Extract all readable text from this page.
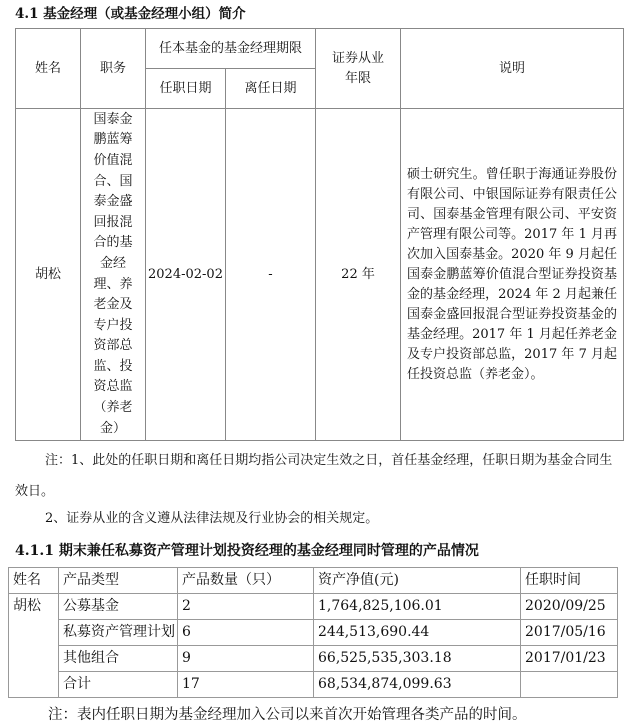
4.1 基金经理（或基金经理小组）简介
姓名	职务	任本基金的基金经理期限		证券从业年限	说明
		任职日期	离任日期		
胡松	国泰金鹏蓝筹价值混合、国泰金盛回报混合的基金经理、养老金及专户投资部总监、投资总监（养老金）	2024-02-02	-	22 年	硕士研究生。曾任职于海通证券股份有限公司、中银国际证券有限责任公司、国泰基金管理有限公司、平安资产管理有限公司等。2017 年 1 月再次加入国泰基金。2020 年 9 月起任国泰金鹏蓝筹价值混合型证券投资基金的基金经理，2024 年 2 月起兼任国泰金盛回报混合型证券投资基金的基金经理。2017 年 1 月起任养老金及专户投资部总监，2017 年 7 月起任投资总监（养老金）。
注：1、此处的任职日期和离任日期均指公司决定生效之日，首任基金经理，任职日期为基金合同生效日。
2、证券从业的含义遵从法律法规及行业协会的相关规定。
4.1.1 期末兼任私募资产管理计划投资经理的基金经理同时管理的产品情况
姓名	产品类型	产品数量（只）	资产净值(元)	任职时间
胡松	公募基金	2	1,764,825,106.01	2020/09/25
	私募资产管理计划	6	244,513,690.44	2017/05/16
	其他组合	9	66,525,535,303.18	2017/01/23
	合计	17	68,534,874,099.63	
注：表内任职日期为基金经理加入公司以来首次开始管理各类产品的时间。
